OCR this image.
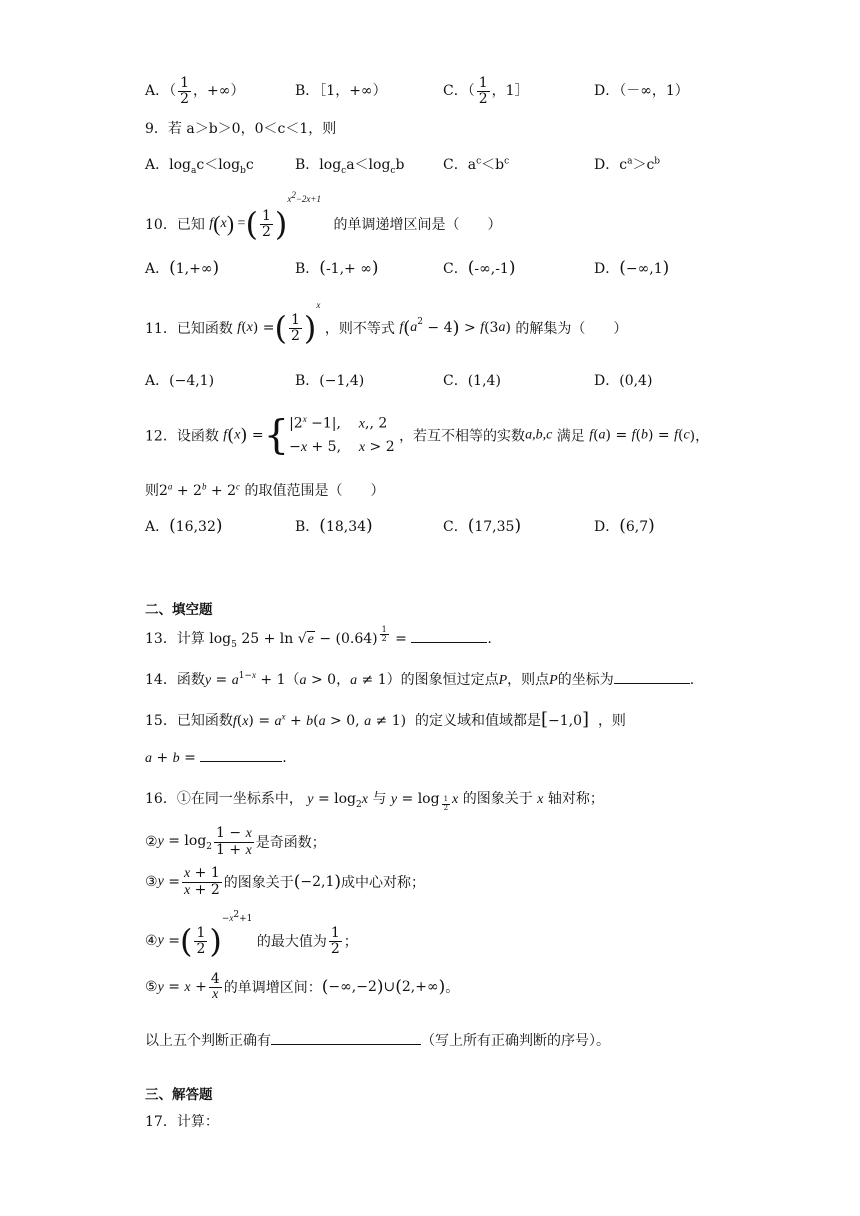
A．（ $\frac{1}{2}$ ，+∞）	B．［1，+∞）	C．（ $\frac{1}{2}$ ，1］	D．（－∞，1）
9．若 a＞b＞0，0＜c＜1，则
A．$\log_ac<\log_bc$	B．$\log_ca<\log_cb$	C．$a^c<b^c$	D．$c^a>c^b$
10．已知 f(x) =( $\frac{1}{2} )^{x^2-2x+1}$ 的单调递增区间是（　　）
A．(1,+∞)	B．(-1,+ ∞)	C．(-∞,-1)	D．(−∞,1)
11．已知函数 f(x) =( $\frac{1}{2} )^x$ ，则不等式 $f(a^2 - 4) > f(3a)$ 的解集为（　　）
A．(−4,1)	B．(−1,4)	C．(1,4)	D．(0,4)
12．设函数 f(x) ={ $|2^x -1|$,    x,, 2
−x + 5,    x > 2
，若互不相等的实数a,b,c 满足 f(a) = f(b) = f(c)，
则$2^a + 2^b + 2^c$ 的取值范围是（　　）
A．(16,32)	B．(18,34)	C．(17,35)	D．(6,7)
二、填空题
13．计算 $\log_5 25 + \ln √e - (0.64) ^{\frac{1}{2}}$ =	.
14．函数$y = a^{1-x} + 1(a > 0$，a ≠ 1）的图象恒过定点P，则点P的坐标为	.
15．已知函数$f(x) = a^x + b(a > 0$, a ≠ 1)  的定义域和值域都是[−1,0] ，则
a + b =	.
16．①在同一坐标系中， $y = \log_2x$ 与 y = log $_{\frac{1}{2}}$ x 的图象关于 x 轴对称；
②y = $\log_2 \frac{1 - x}{1 + x}$ 是奇函数；
③y = $\frac{x + 1}{x + 2}$ 的图象关于(−2,1)成中心对称；
④y =( $\frac{1}{2} )^{-x^2+1}$ 的最大值为 $\frac{1}{2}$ ；
⑤y = $x + \frac{4}{x}$ 的单调增区间：(−∞,−2)∪(2,+∞)。
以上五个判断正确有	（写上所有正确判断的序号）。
三、解答题
17．计算：
